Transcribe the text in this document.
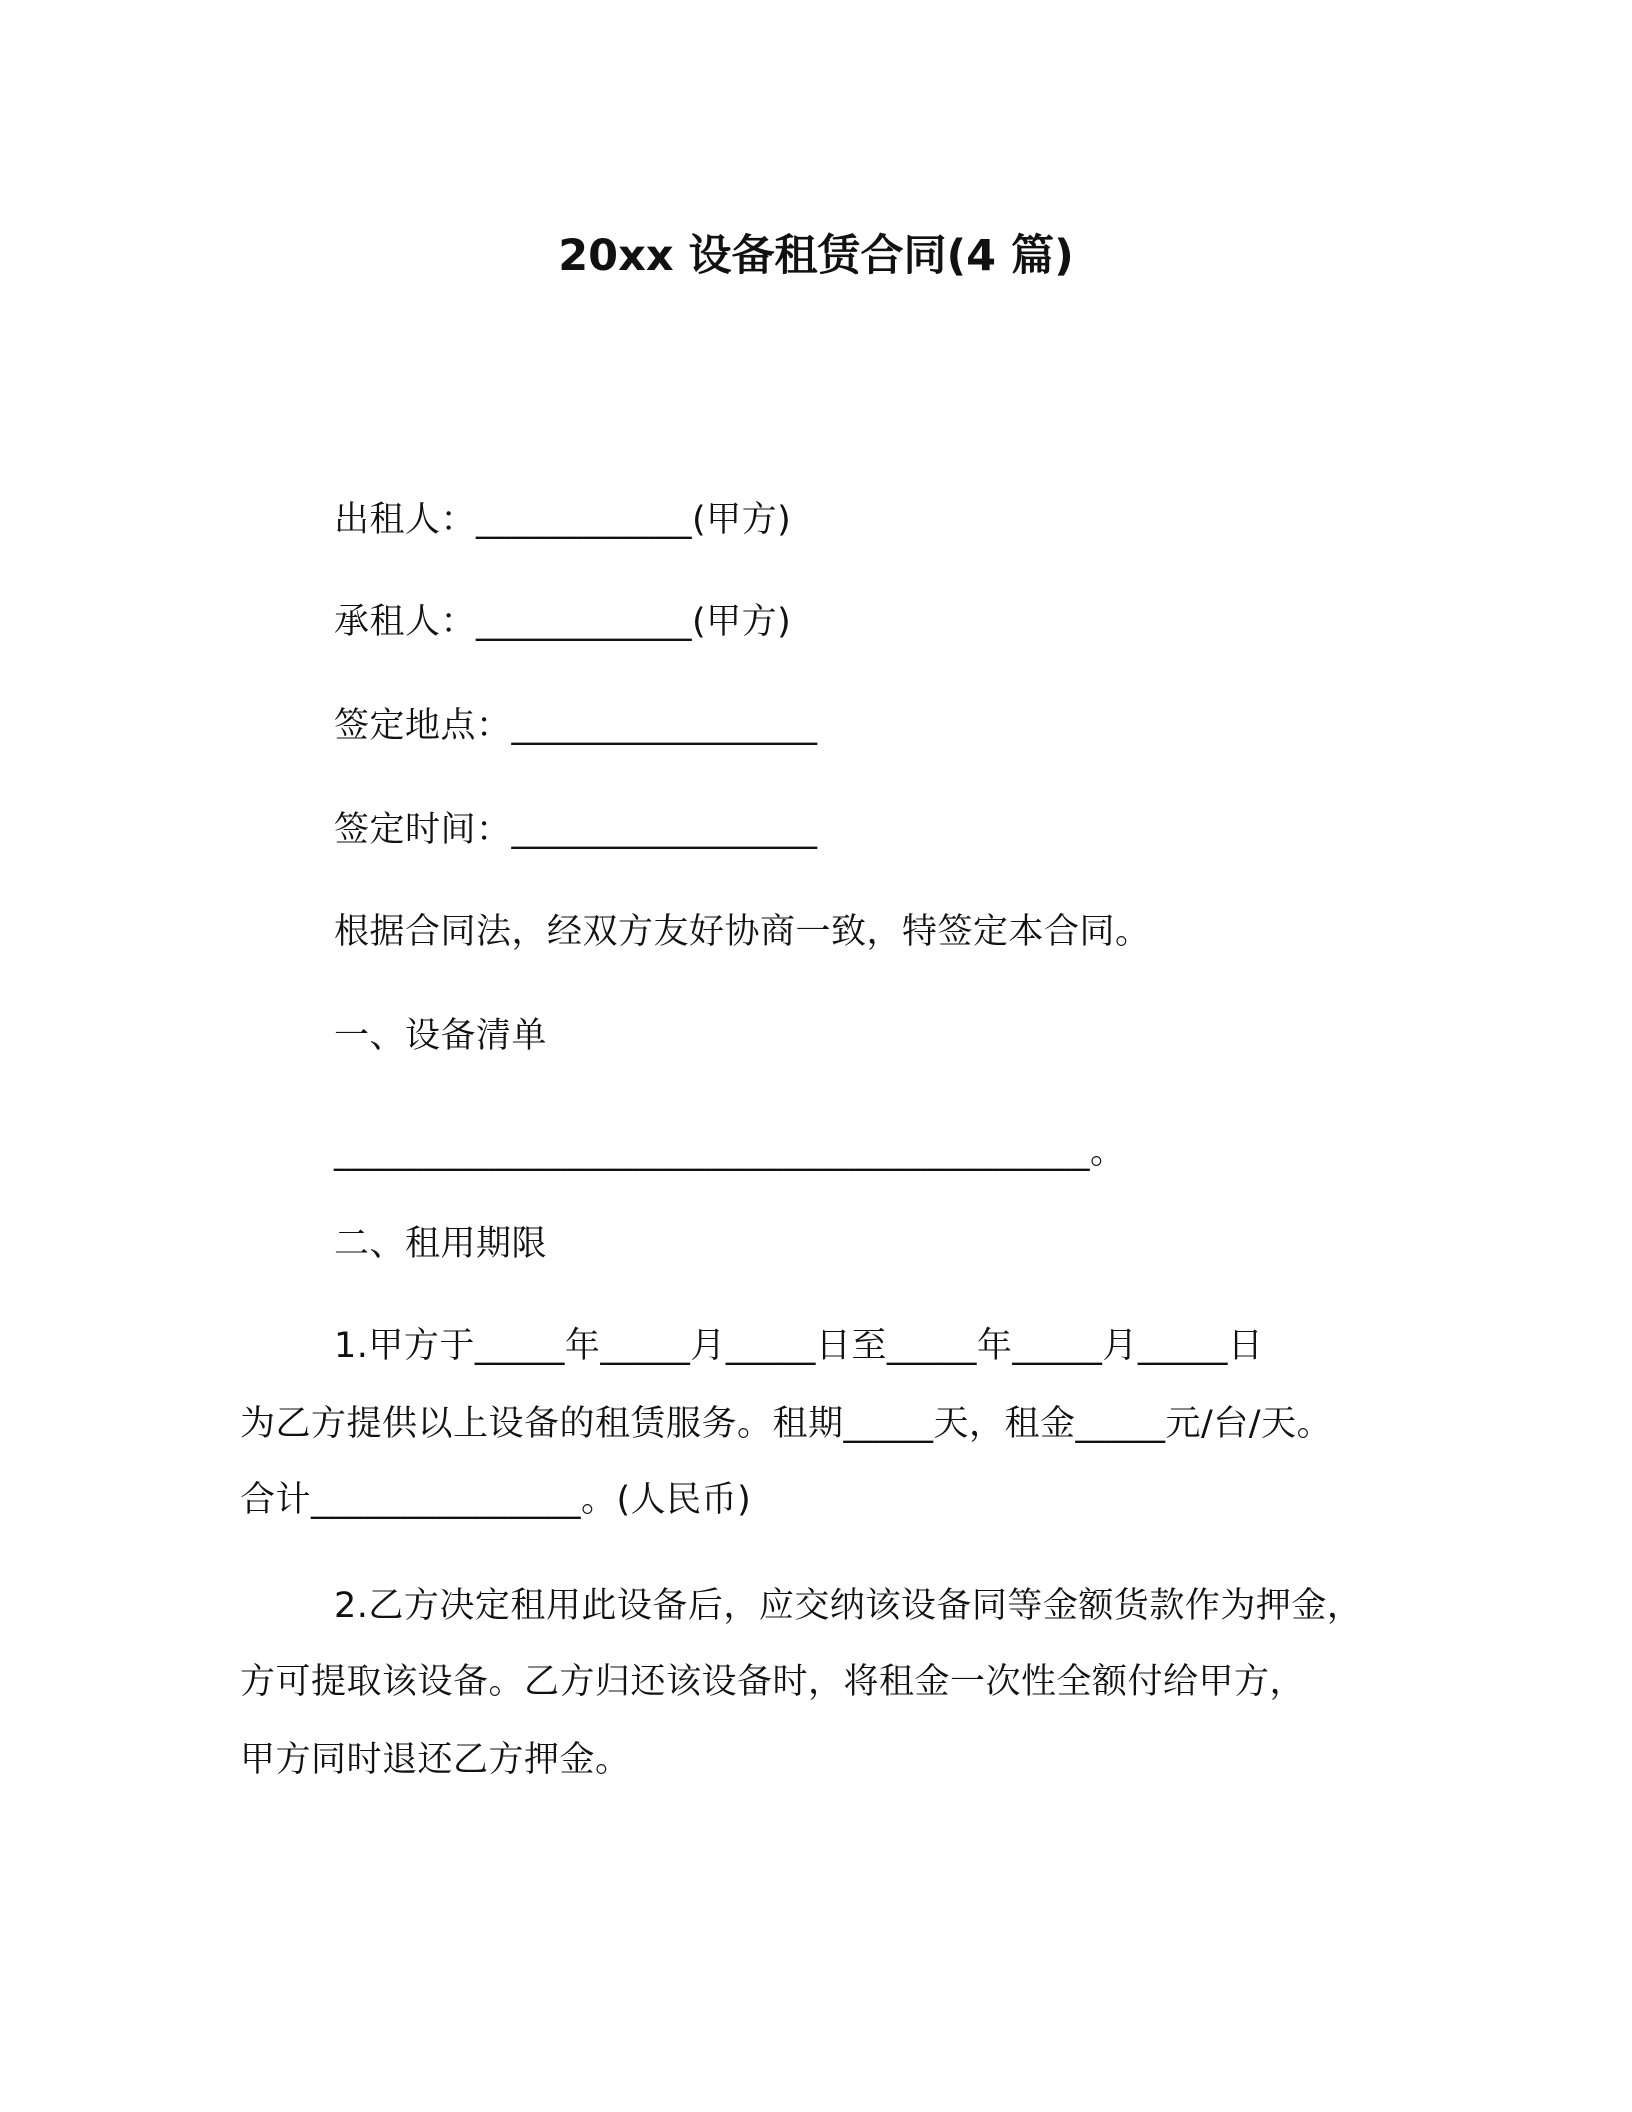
20xx 设备租赁合同(4 篇)
出租人：____________(甲方)
承租人：____________(甲方)
签定地点：_________________
签定时间：_________________
根据合同法，经双方友好协商一致，特签定本合同。
一、设备清单
__________________________________________。
二、租用期限
1.甲方于_____年_____月_____日至_____年_____月_____日
为乙方提供以上设备的租赁服务。租期_____天，租金_____元/台/天。
合计_______________。(人民币)
2.乙方决定租用此设备后，应交纳该设备同等金额货款作为押金，
方可提取该设备。乙方归还该设备时，将租金一次性全额付给甲方，
甲方同时退还乙方押金。
